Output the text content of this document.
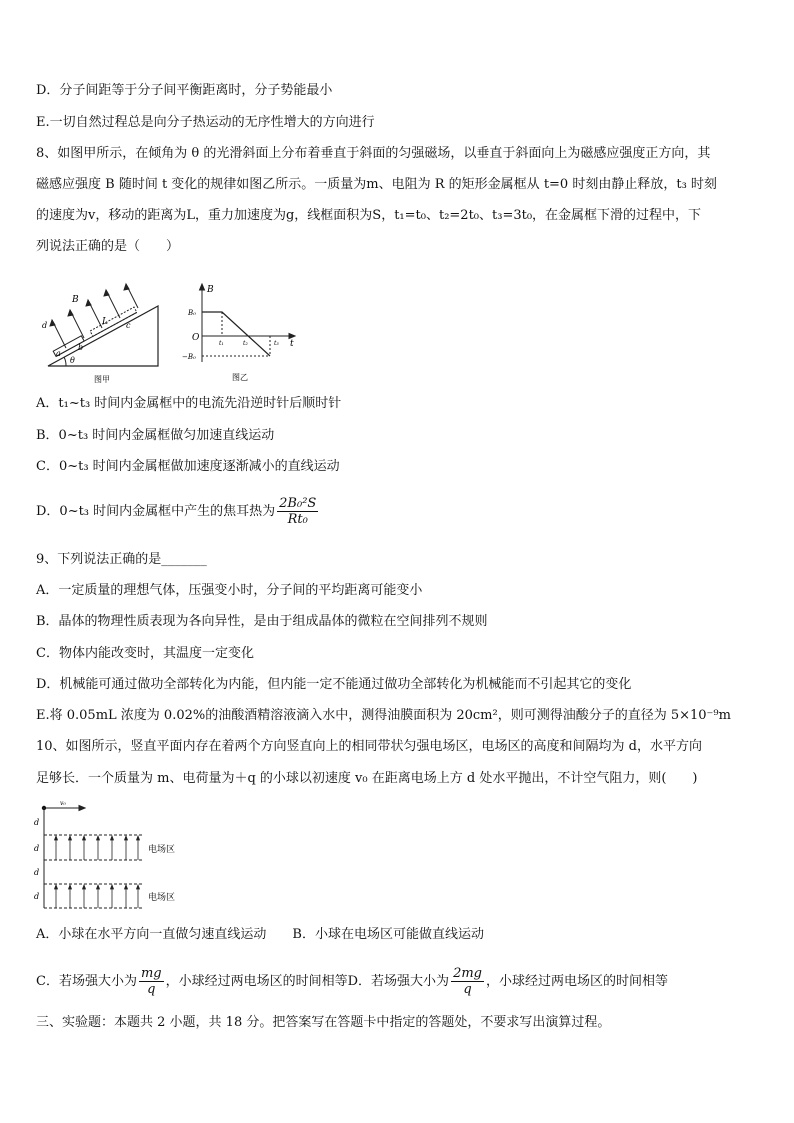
D．分子间距等于分子间平衡距离时，分子势能最小
E.一切自然过程总是向分子热运动的无序性增大的方向进行
8、如图甲所示，在倾角为 θ 的光滑斜面上分布着垂直于斜面的匀强磁场，以垂直于斜面向上为磁感应强度正方向，其
磁感应强度 B 随时间 t 变化的规律如图乙所示。一质量为m、电阻为 R 的矩形金属框从 t=0 时刻由静止释放，t₃ 时刻
的速度为v，移动的距离为L，重力加速度为g，线框面积为S，t₁=t₀、t₂=2t₀、t₃=3t₀，在金属框下滑的过程中，下
列说法正确的是（　　）
B
d
a
b
c
L
θ
图甲
B
t
O
B₀
−B₀
t₁	t₂	t₃
图乙
A．t₁~t₃ 时间内金属框中的电流先沿逆时针后顺时针
B．0~t₃ 时间内金属框做匀加速直线运动
C．0~t₃ 时间内金属框做加速度逐渐减小的直线运动
D．0~t₃ 时间内金属框中产生的焦耳热为 $\frac{\text{2B₀²S}}{\text{Rt₀}}$
9、下列说法正确的是_______
A．一定质量的理想气体，压强变小时，分子间的平均距离可能变小
B．晶体的物理性质表现为各向异性，是由于组成晶体的微粒在空间排列不规则
C．物体内能改变时，其温度一定变化
D．机械能可通过做功全部转化为内能，但内能一定不能通过做功全部转化为机械能而不引起其它的变化
E.将 0.05mL 浓度为 0.02%的油酸酒精溶液滴入水中，测得油膜面积为 20cm²，则可测得油酸分子的直径为 5×10⁻⁹m
10、如图所示，竖直平面内存在着两个方向竖直向上的相同带状匀强电场区，电场区的高度和间隔均为 d，水平方向
足够长．一个质量为 m、电荷量为＋q 的小球以初速度 v₀ 在距离电场上方 d 处水平抛出，不计空气阻力，则(　　)
v₀
d
d
d
d
电场区
电场区
A．小球在水平方向一直做匀速直线运动 B．小球在电场区可能做直线运动
C．若场强大小为 $\frac{mg}{q}$ ，小球经过两电场区的时间相等D．若场强大小为 $\frac{2mg}{q}$ ，小球经过两电场区的时间相等
三、实验题：本题共 2 小题，共 18 分。把答案写在答题卡中指定的答题处，不要求写出演算过程。
